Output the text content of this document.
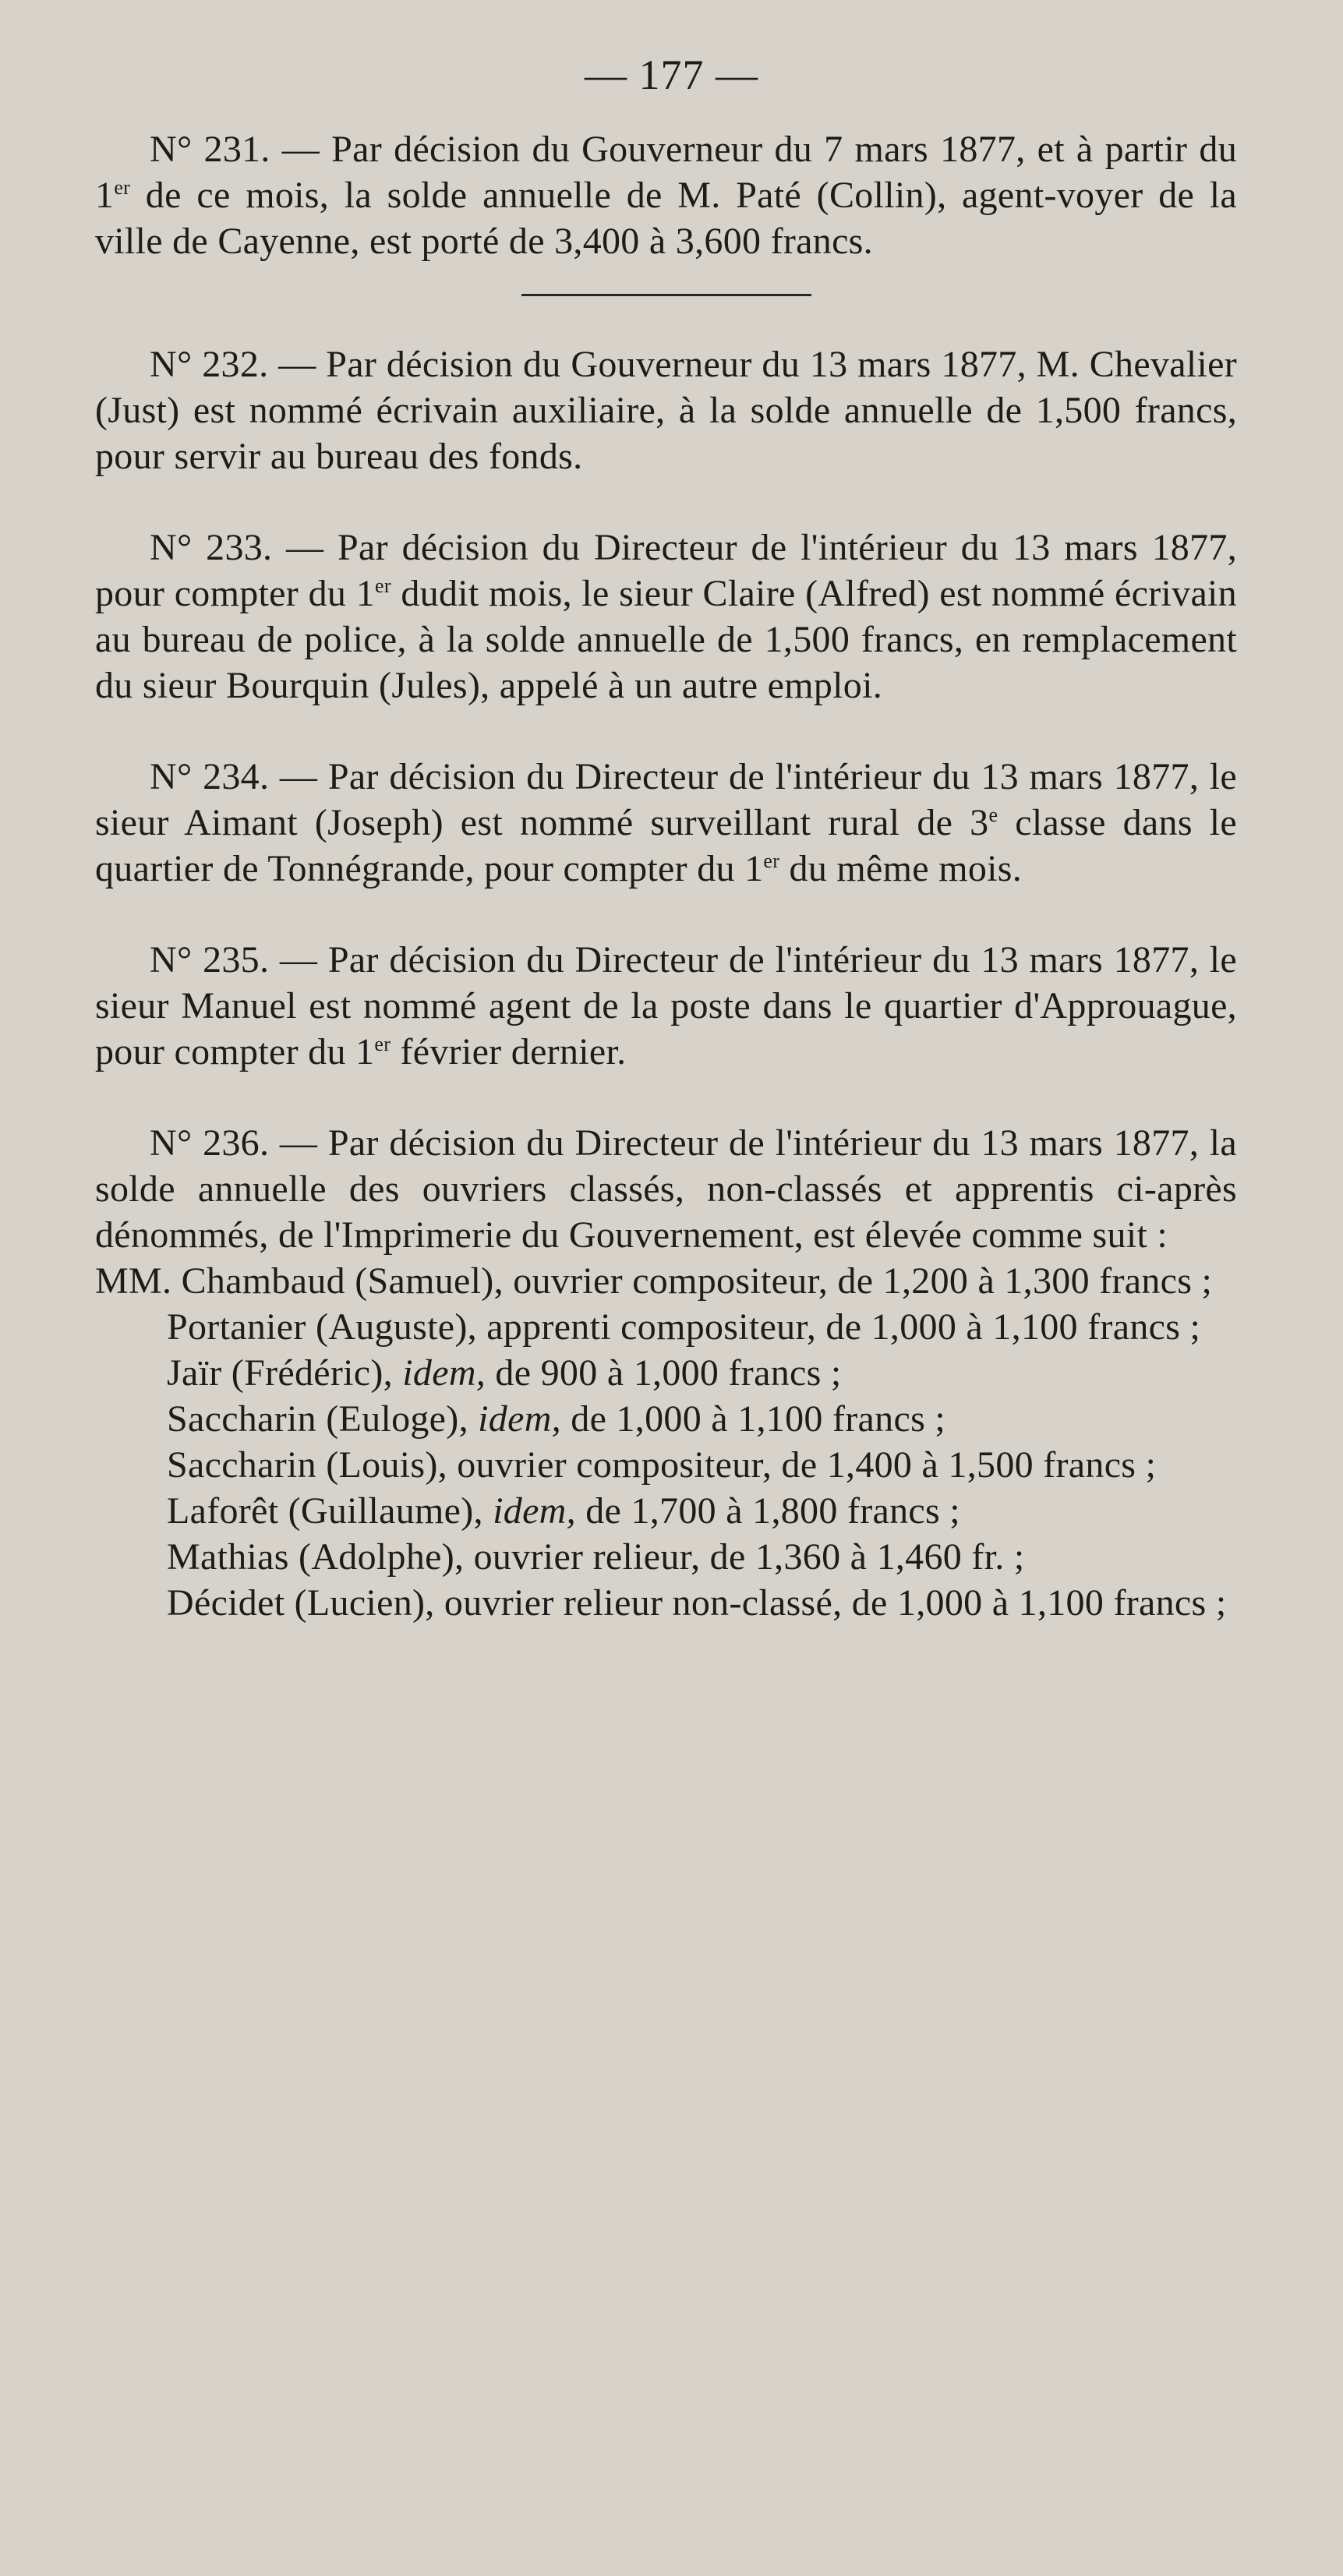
— 177 —

N° 231. — Par décision du Gouverneur du 7 mars 1877, et à partir du 1er de ce mois, la solde annuelle de M. Paté (Collin), agent-voyer de la ville de Cayenne, est porté de 3,400 à 3,600 francs.

N° 232. — Par décision du Gouverneur du 13 mars 1877, M. Chevalier (Just) est nommé écrivain auxiliaire, à la solde annuelle de 1,500 francs, pour servir au bureau des fonds.

N° 233. — Par décision du Directeur de l'intérieur du 13 mars 1877, pour compter du 1er dudit mois, le sieur Claire (Alfred) est nommé écrivain au bureau de police, à la solde annuelle de 1,500 francs, en remplacement du sieur Bourquin (Jules), appelé à un autre emploi.

N° 234. — Par décision du Directeur de l'intérieur du 13 mars 1877, le sieur Aimant (Joseph) est nommé surveillant rural de 3e classe dans le quartier de Tonnégrande, pour compter du 1er du même mois.

N° 235. — Par décision du Directeur de l'intérieur du 13 mars 1877, le sieur Manuel est nommé agent de la poste dans le quartier d'Approuague, pour compter du 1er février dernier.

N° 236. — Par décision du Directeur de l'intérieur du 13 mars 1877, la solde annuelle des ouvriers classés, non-classés et apprentis ci-après dénommés, de l'Imprimerie du Gouvernement, est élevée comme suit :

MM. Chambaud (Samuel), ouvrier compositeur, de 1,200 à 1,300 francs ;
Portanier (Auguste), apprenti compositeur, de 1,000 à 1,100 francs ;
Jaïr (Frédéric), idem, de 900 à 1,000 francs ;
Saccharin (Euloge), idem, de 1,000 à 1,100 francs ;
Saccharin (Louis), ouvrier compositeur, de 1,400 à 1,500 francs ;
Laforêt (Guillaume), idem, de 1,700 à 1,800 francs ;
Mathias (Adolphe), ouvrier relieur, de 1,360 à 1,460 fr. ;
Décidet (Lucien), ouvrier relieur non-classé, de 1,000 à 1,100 francs ;
